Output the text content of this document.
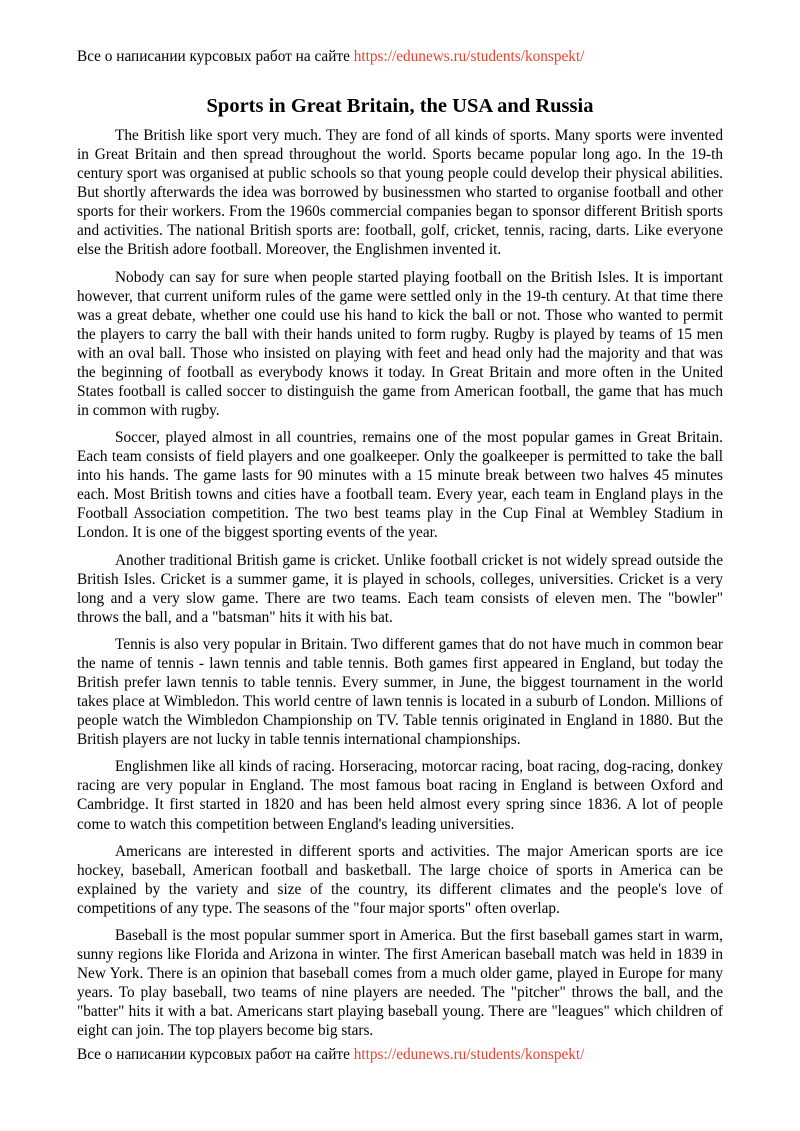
Все о написании курсовых работ на сайте https://edunews.ru/students/konspekt/
Sports in Great Britain, the USA and Russia

The British like sport very much. They are fond of all kinds of sports. Many sports were invented in Great Britain and then spread throughout the world. Sports became popular long ago. In the 19-th century sport was organised at public schools so that young people could develop their physical abilities. But shortly afterwards the idea was borrowed by businessmen who started to organise football and other sports for their workers. From the 1960s commercial companies began to sponsor different British sports and activities. The national British sports are: football, golf, cricket, tennis, racing, darts. Like everyone else the British adore football. Moreover, the Englishmen invented it.

Nobody can say for sure when people started playing football on the British Isles. It is important however, that current uniform rules of the game were settled only in the 19-th century. At that time there was a great debate, whether one could use his hand to kick the ball or not. Those who wanted to permit the players to carry the ball with their hands united to form rugby. Rugby is played by teams of 15 men with an oval ball. Those who insisted on playing with feet and head only had the majority and that was the beginning of football as everybody knows it today. In Great Britain and more often in the United States football is called soccer to distinguish the game from American football, the game that has much in common with rugby.

Soccer, played almost in all countries, remains one of the most popular games in Great Britain. Each team consists of field players and one goalkeeper. Only the goalkeeper is permitted to take the ball into his hands. The game lasts for 90 minutes with a 15 minute break between two halves 45 minutes each. Most British towns and cities have a football team. Every year, each team in England plays in the Football Association competition. The two best teams play in the Cup Final at Wembley Stadium in London. It is one of the biggest sporting events of the year.

Another traditional British game is cricket. Unlike football cricket is not widely spread outside the British Isles. Cricket is a summer game, it is played in schools, colleges, universities. Cricket is a very long and a very slow game. There are two teams. Each team consists of eleven men. The "bowler" throws the ball, and a "batsman" hits it with his bat.

Tennis is also very popular in Britain. Two different games that do not have much in common bear the name of tennis - lawn tennis and table tennis. Both games first appeared in England, but today the British prefer lawn tennis to table tennis. Every summer, in June, the biggest tournament in the world takes place at Wimbledon. This world centre of lawn tennis is located in a suburb of London. Millions of people watch the Wimbledon Championship on TV. Table tennis originated in England in 1880. But the British players are not lucky in table tennis international championships.

Englishmen like all kinds of racing. Horseracing, motorcar racing, boat racing, dog-racing, donkey racing are very popular in England. The most famous boat racing in England is between Oxford and Cambridge. It first started in 1820 and has been held almost every spring since 1836. A lot of people come to watch this competition between England's leading universities.

Americans are interested in different sports and activities. The major American sports are ice hockey, baseball, American football and basketball. The large choice of sports in America can be explained by the variety and size of the country, its different climates and the people's love of competitions of any type. The seasons of the "four major sports" often overlap.

Baseball is the most popular summer sport in America. But the first baseball games start in warm, sunny regions like Florida and Arizona in winter. The first American baseball match was held in 1839 in New York. There is an opinion that baseball comes from a much older game, played in Europe for many years. To play baseball, two teams of nine players are needed. The "pitcher" throws the ball, and the "batter" hits it with a bat. Americans start playing baseball young. There are "leagues" which children of eight can join. The top players become big stars.

Все о написании курсовых работ на сайте https://edunews.ru/students/konspekt/
